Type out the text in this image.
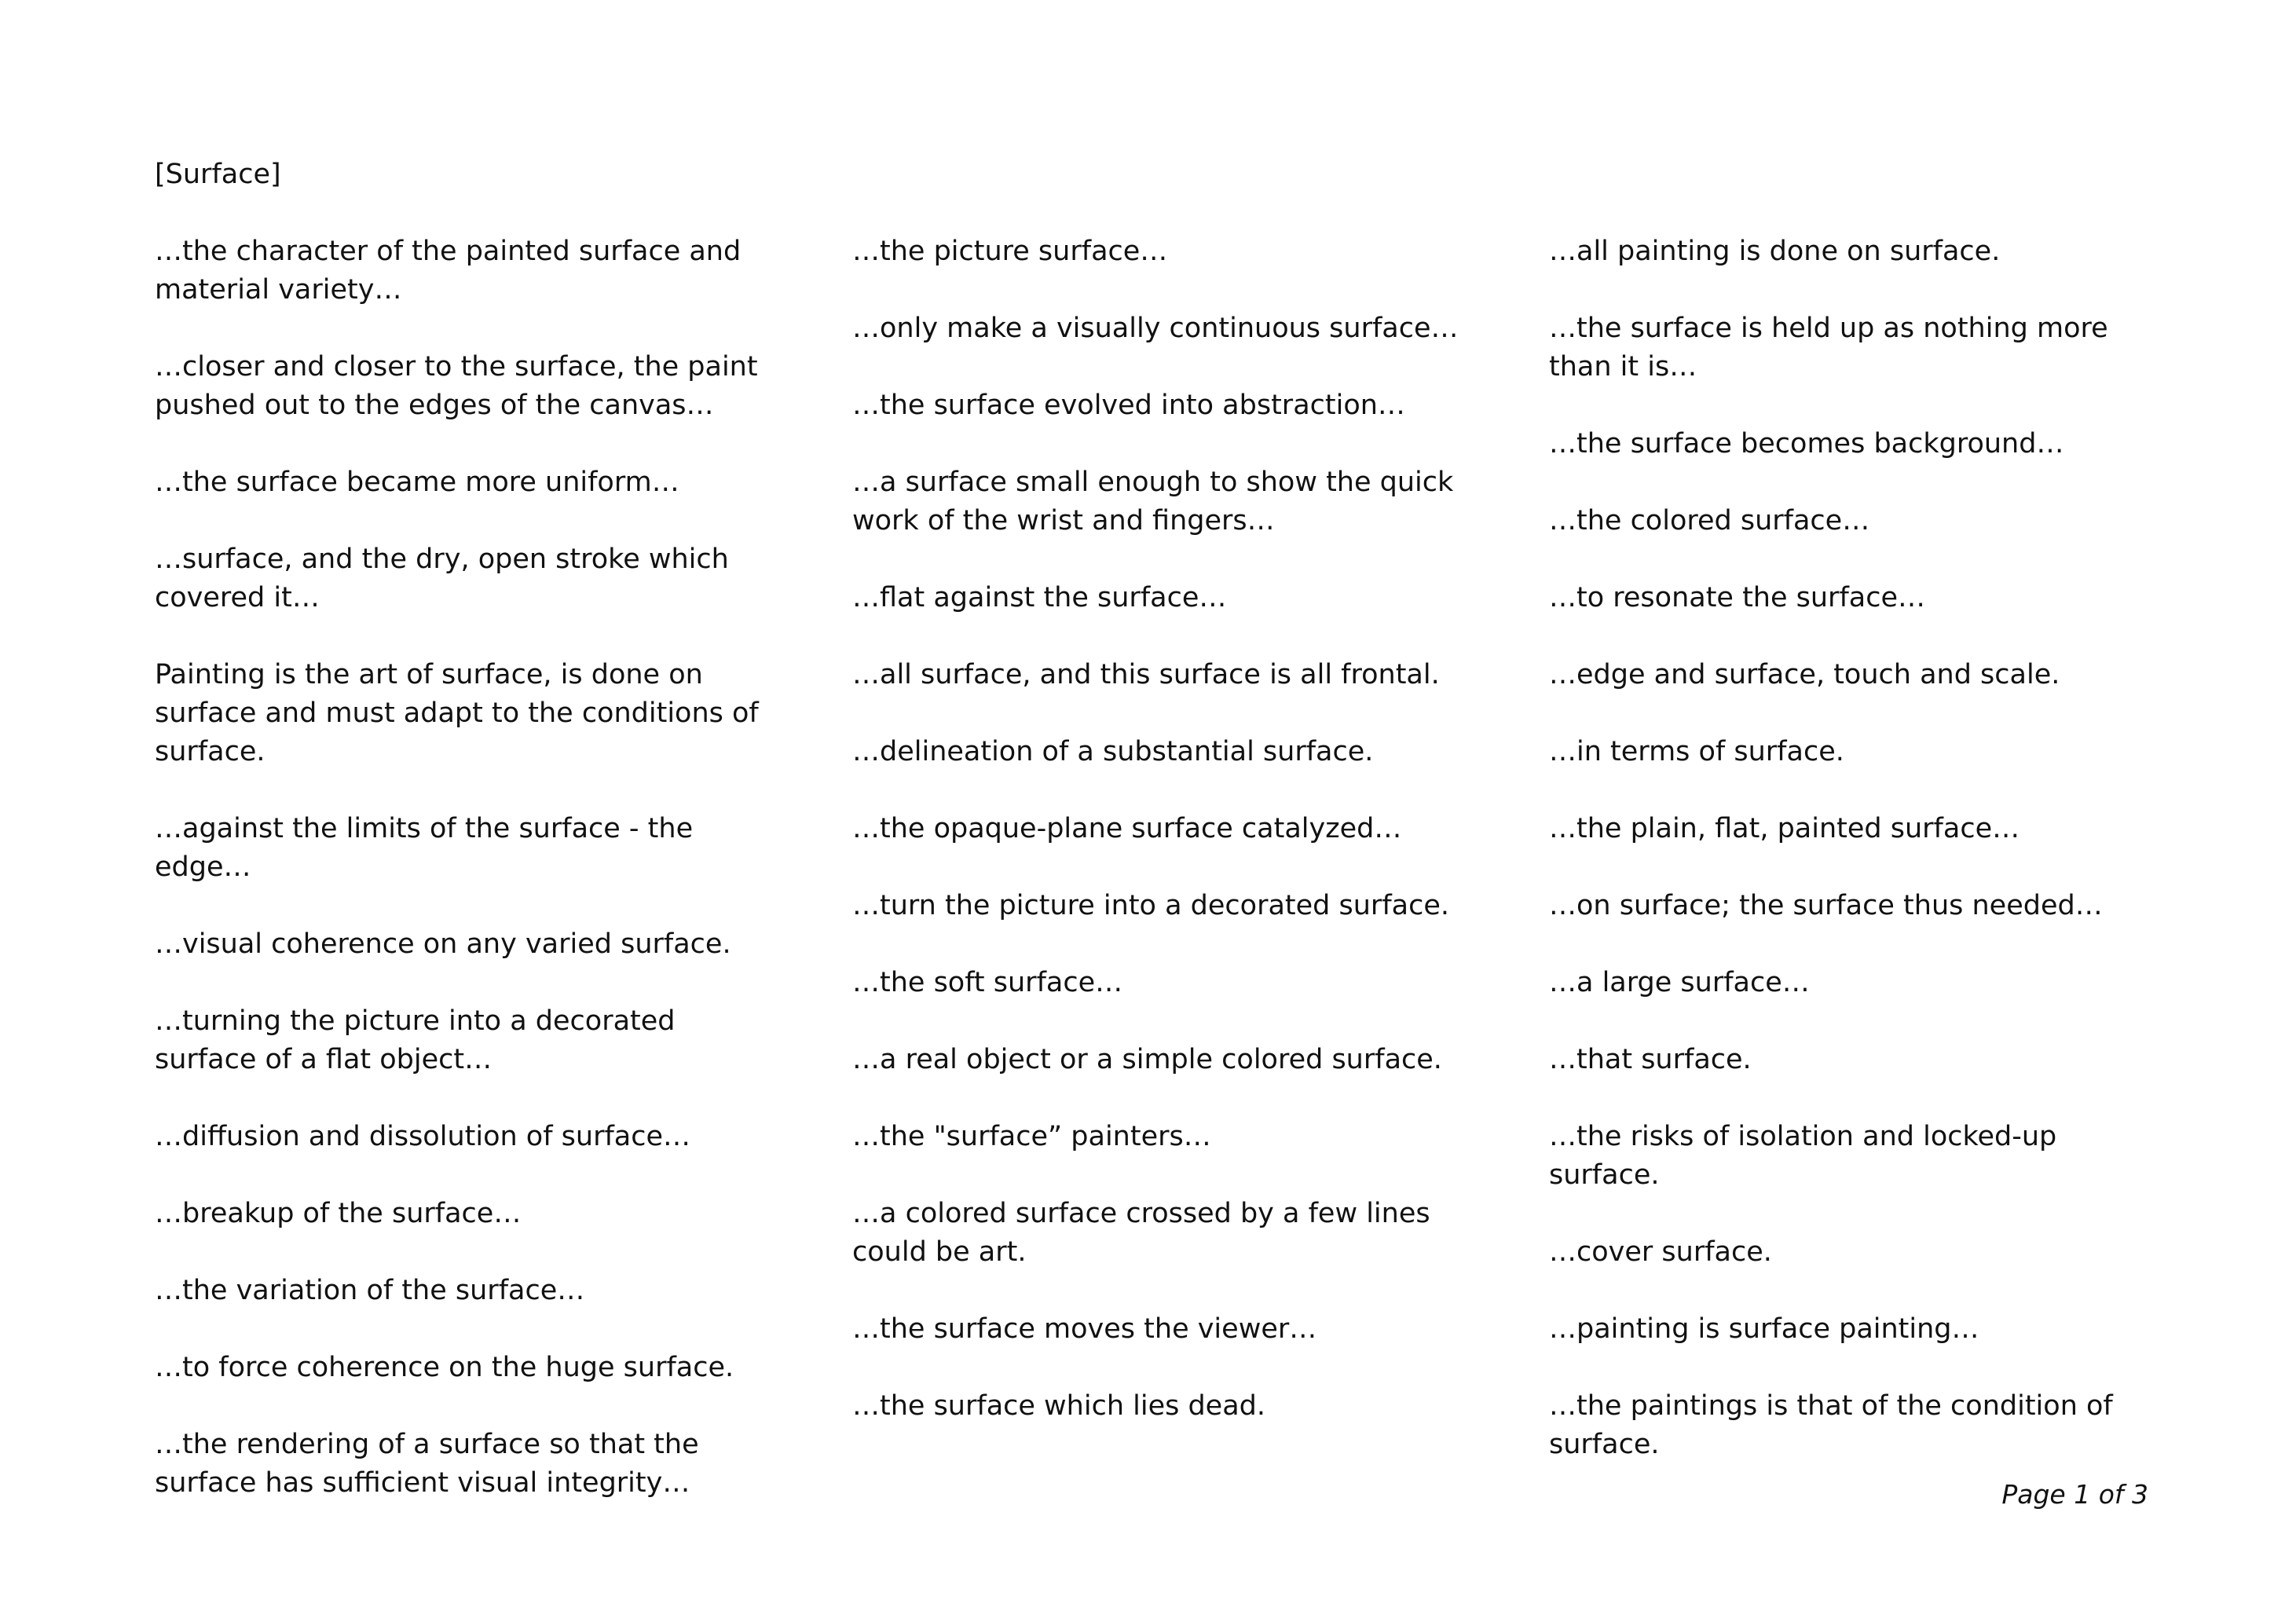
[Surface]
…the character of the painted surface and material variety…
…closer and closer to the surface, the paint pushed out to the edges of the canvas…
…the surface became more uniform…
…surface, and the dry, open stroke which covered it…
Painting is the art of surface, is done on surface and must adapt to the conditions of surface.
…against the limits of the surface - the edge…
…visual coherence on any varied surface.
…turning the picture into a decorated surface of a flat object…
…diffusion and dissolution of surface…
…breakup of the surface…
…the variation of the surface…
…to force coherence on the huge surface.
…the rendering of a surface so that the surface has sufficient visual integrity…
…the picture surface…
…only make a visually continuous surface…
…the surface evolved into abstraction…
…a surface small enough to show the quick work of the wrist and fingers…
…flat against the surface…
…all surface, and this surface is all frontal.
…delineation of a substantial surface.
…the opaque-plane surface catalyzed…
…turn the picture into a decorated surface.
…the soft surface…
…a real object or a simple colored surface.
…the "surface” painters…
…a colored surface crossed by a few lines could be art.
…the surface moves the viewer…
…the surface which lies dead.
…all painting is done on surface.
…the surface is held up as nothing more than it is…
…the surface becomes background…
…the colored surface…
…to resonate the surface…
…edge and surface, touch and scale.
…in terms of surface.
…the plain, flat, painted surface…
…on surface; the surface thus needed…
…a large surface…
…that surface.
…the risks of isolation and locked-up surface.
…cover surface.
…painting is surface painting…
…the paintings is that of the condition of surface.
Page 1 of 3
